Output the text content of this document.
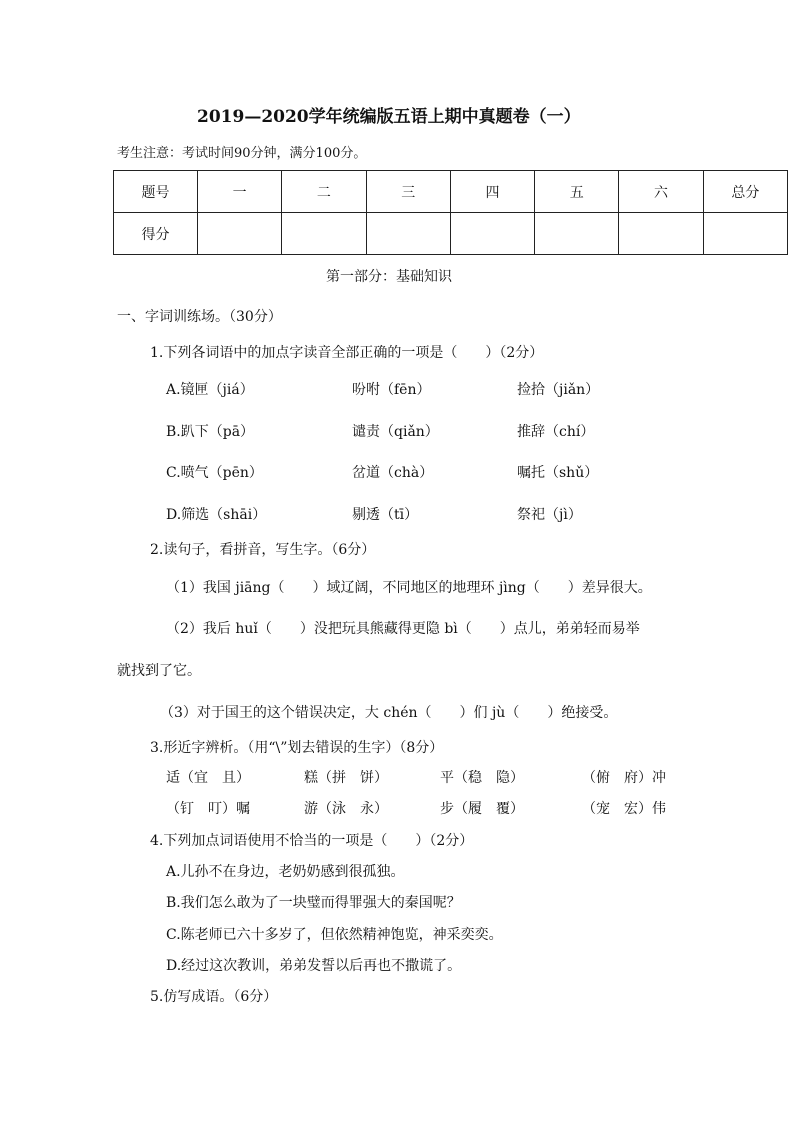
2019—2020学年统编版五语上期中真题卷（一）
考生注意：考试时间90分钟，满分100分。
题号	一	二	三	四	五	六	总分
得分							
第一部分：基础知识
一、字词训练场。（30分）
1.下列各词语中的加点字读音全部正确的一项是（　　）（2分）
A.镜匣（jiá）	吩咐（fēn）	捡拾（jiǎn）
B.趴下（pā）	谴责（qiǎn）	推辞（chí）
C.喷气（pēn）	岔道（chà）	嘱托（shǔ）
D.筛选（shāi）	剔透（tī）	祭祀（jì）
2.读句子，看拼音，写生字。（6分）
（1）我国 jiāng（　　）域辽阔，不同地区的地理环 jìng（　　）差异很大。
（2）我后 huǐ（　　）没把玩具熊藏得更隐 bì（　　）点儿，弟弟轻而易举
就找到了它。
（3）对于国王的这个错误决定，大 chén（　　）们 jù（　　）绝接受。
3.形近字辨析。（用“\”划去错误的生字）（8分）
适（宜　且）	糕（拼　饼）	平（稳　隐）	（俯　府）冲
（钉　叮）嘱	游（泳　永）	步（履　覆）	（宠　宏）伟
4.下列加点词语使用不恰当的一项是（　　）（2分）
A.儿孙不在身边，老奶奶感到很孤独。
B.我们怎么敢为了一块璧而得罪强大的秦国呢？
C.陈老师已六十多岁了，但依然精神饱览，神采奕奕。
D.经过这次教训，弟弟发誓以后再也不撒谎了。
5.仿写成语。（6分）
